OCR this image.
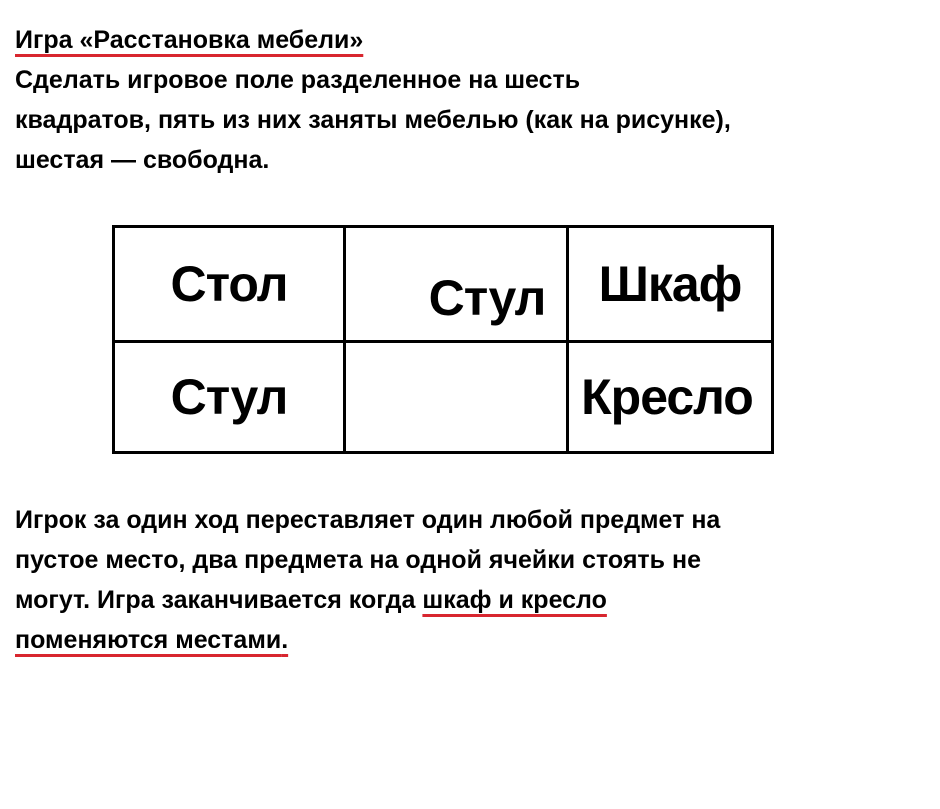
Игра «Расстановка мебели»
Сделать игровое поле разделенное на шесть
квадратов, пять из них заняты мебелью (как на рисунке),
шестая — свободна.
Стол	Стул Шкаф
Стул	Кресло
Игрок за один ход переставляет один любой предмет на
пустое место, два предмета на одной ячейки стоять не
могут. Игра заканчивается когда шкаф и кресло
поменяются местами.
